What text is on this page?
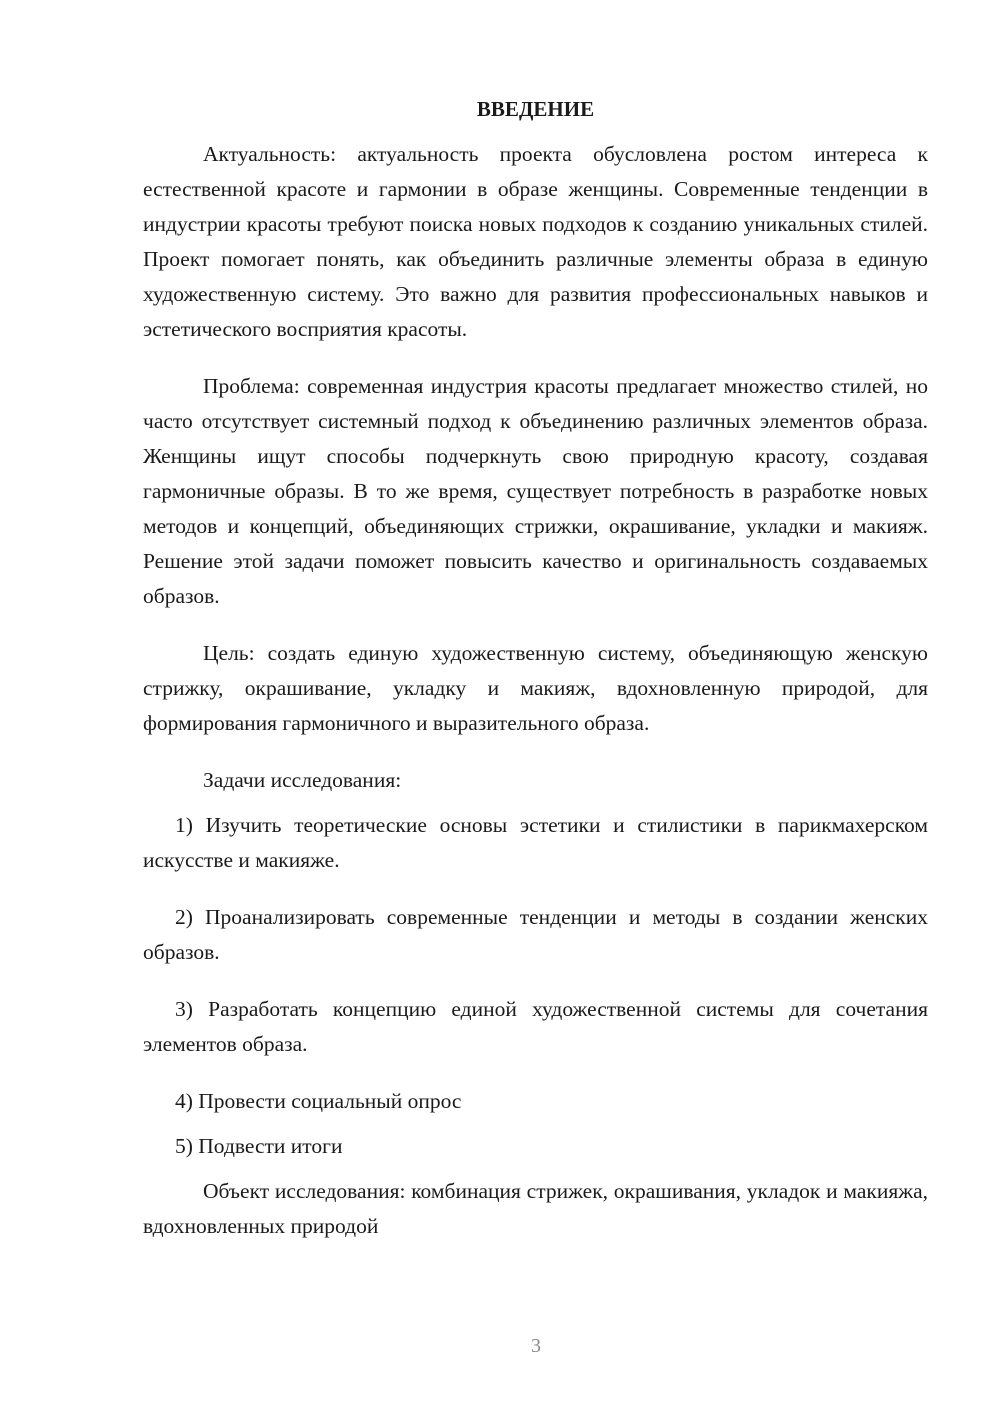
ВВЕДЕНИЕ

Актуальность: актуальность проекта обусловлена ростом интереса к естественной красоте и гармонии в образе женщины. Современные тенденции в индустрии красоты требуют поиска новых подходов к созданию уникальных стилей. Проект помогает понять, как объединить различные элементы образа в единую художественную систему. Это важно для развития профессиональных навыков и эстетического восприятия красоты.

Проблема: современная индустрия красоты предлагает множество стилей, но часто отсутствует системный подход к объединению различных элементов образа. Женщины ищут способы подчеркнуть свою природную красоту, создавая гармоничные образы. В то же время, существует потребность в разработке новых методов и концепций, объединяющих стрижки, окрашивание, укладки и макияж. Решение этой задачи поможет повысить качество и оригинальность создаваемых образов.

Цель: создать единую художественную систему, объединяющую женскую стрижку, окрашивание, укладку и макияж, вдохновленную природой, для формирования гармоничного и выразительного образа.

Задачи исследования:

1) Изучить теоретические основы эстетики и стилистики в парикмахерском искусстве и макияже.

2) Проанализировать современные тенденции и методы в создании женских образов.

3) Разработать концепцию единой художественной системы для сочетания элементов образа.

4) Провести социальный опрос

5) Подвести итоги

Объект исследования: комбинация стрижек, окрашивания, укладок и макияжа, вдохновленных природой

3
